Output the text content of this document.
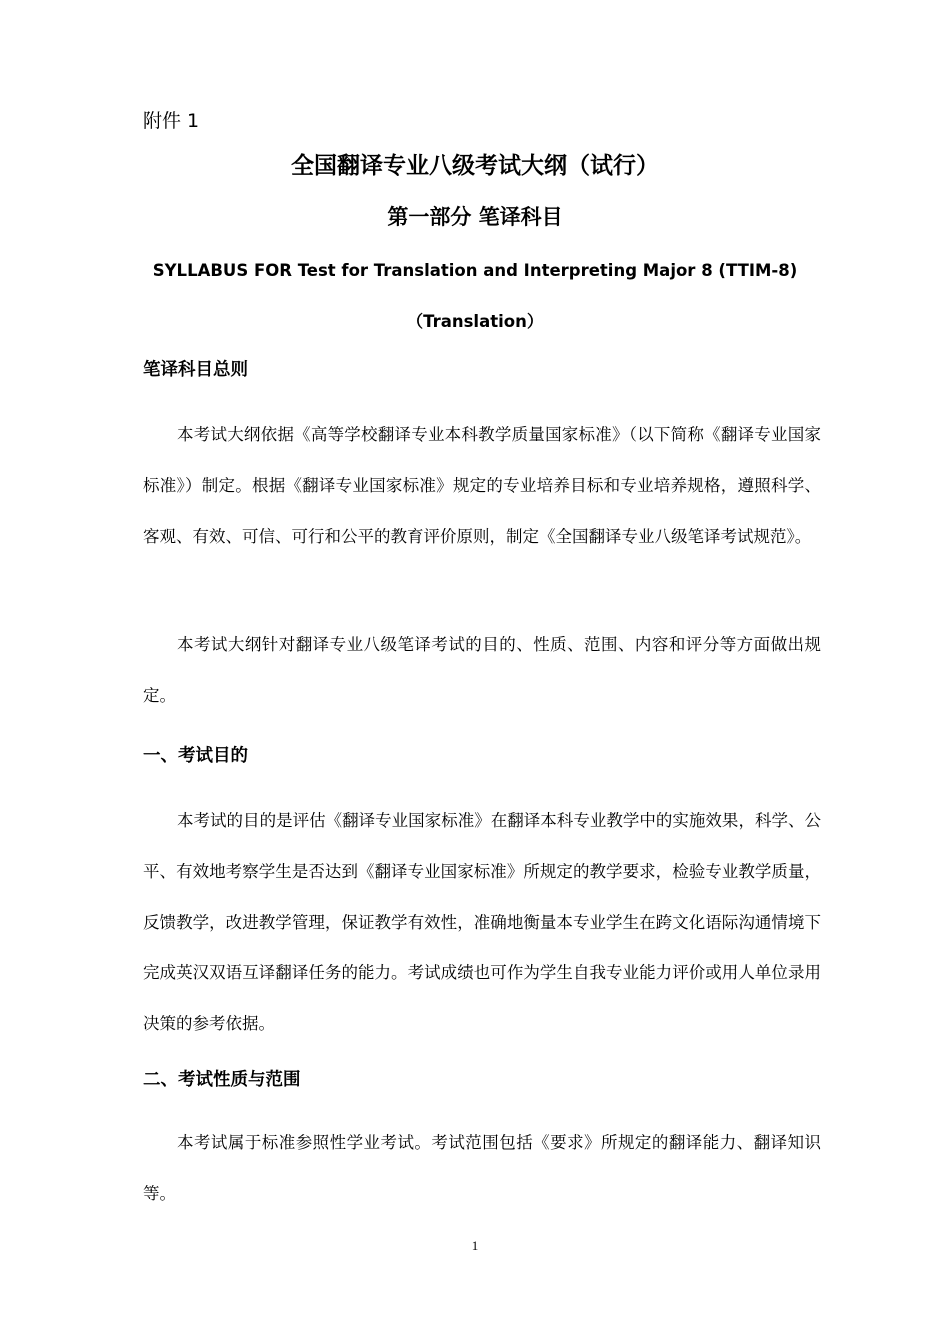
附件 1
全国翻译专业八级考试大纲（试行）
第一部分 笔译科目
SYLLABUS FOR Test for Translation and Interpreting Major 8 (TTIM-8)
（Translation）
笔译科目总则

本考试大纲依据《高等学校翻译专业本科教学质量国家标准》（以下简称《翻译专业国家标准》）制定。根据《翻译专业国家标准》规定的专业培养目标和专业培养规格，遵照科学、客观、有效、可信、可行和公平的教育评价原则，制定《全国翻译专业八级笔译考试规范》。

本考试大纲针对翻译专业八级笔译考试的目的、性质、范围、内容和评分等方面做出规定。

一、考试目的

本考试的目的是评估《翻译专业国家标准》在翻译本科专业教学中的实施效果，科学、公平、有效地考察学生是否达到《翻译专业国家标准》所规定的教学要求，检验专业教学质量，反馈教学，改进教学管理，保证教学有效性，准确地衡量本专业学生在跨文化语际沟通情境下完成英汉双语互译翻译任务的能力。考试成绩也可作为学生自我专业能力评价或用人单位录用决策的参考依据。

二、考试性质与范围

本考试属于标准参照性学业考试。考试范围包括《要求》所规定的翻译能力、翻译知识等。

1
